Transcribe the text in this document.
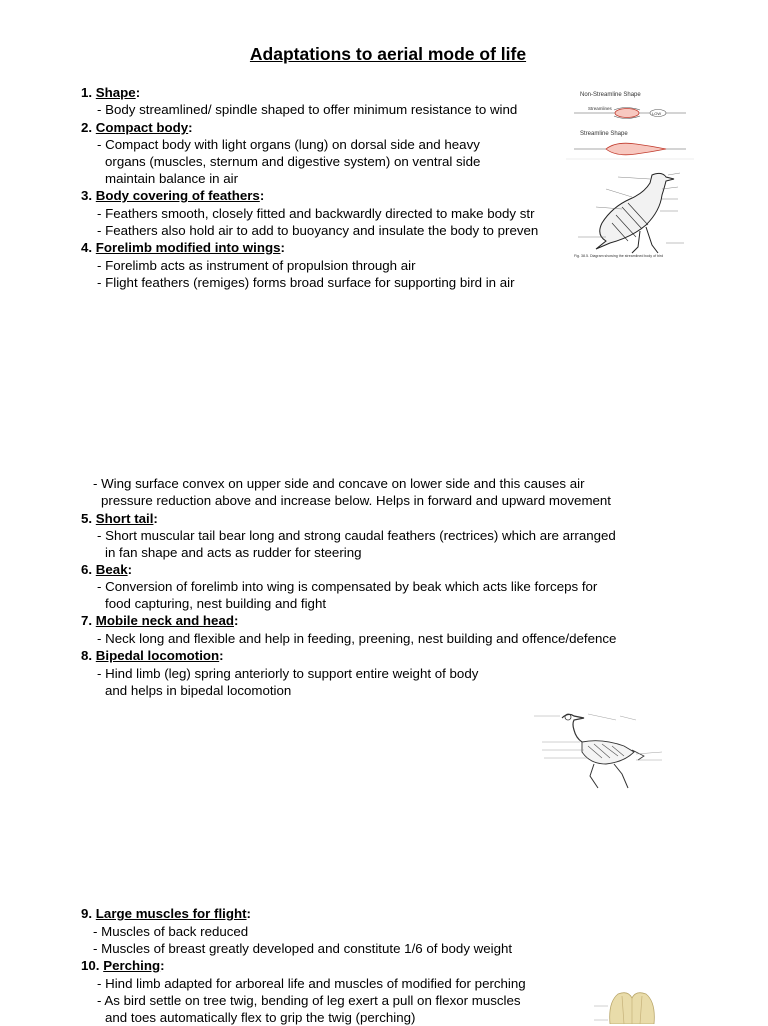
Adaptations to aerial mode of life
1. Shape:
- Body streamlined/ spindle shaped to offer minimum resistance to wind
2. Compact body:
- Compact body with light organs (lung) on dorsal side and heavy
organs (muscles, sternum and digestive system) on ventral side
maintain balance in air
3. Body covering of feathers:
- Feathers smooth, closely fitted and backwardly directed to make body str
- Feathers also hold air to add to buoyancy and insulate the body to preven
4. Forelimb modified into wings:
- Forelimb acts as instrument of propulsion through air
- Flight feathers (remiges) forms broad surface for supporting bird in air
- Wing surface convex on upper side and concave on lower side and this causes air
pressure reduction above and increase below. Helps in forward and upward movement
5. Short tail:
- Short muscular tail bear long and strong caudal feathers (rectrices) which are arranged
in fan shape and acts as rudder for steering
6. Beak:
- Conversion of forelimb into wing is compensated by beak which acts like forceps for
food capturing, nest building and fight
7. Mobile neck and head:
- Neck long and flexible and help in feeding, preening, nest building and offence/defence
8. Bipedal locomotion:
- Hind limb (leg) spring anteriorly to support entire weight of body
and helps in bipedal locomotion
9. Large muscles for flight:
- Muscles of back reduced
- Muscles of breast greatly developed and constitute 1/6 of body weight
10. Perching:
- Hind limb adapted for arboreal life and muscles of modified for perching
- As bird settle on tree twig, bending of leg exert a pull on flexor muscles
and toes automatically flex to grip the twig (perching)
Non-Streamline Shape
Streamlines
LOW
Streamline Shape
Fig. 38.5. Diagram showing the streamlined body of bird
